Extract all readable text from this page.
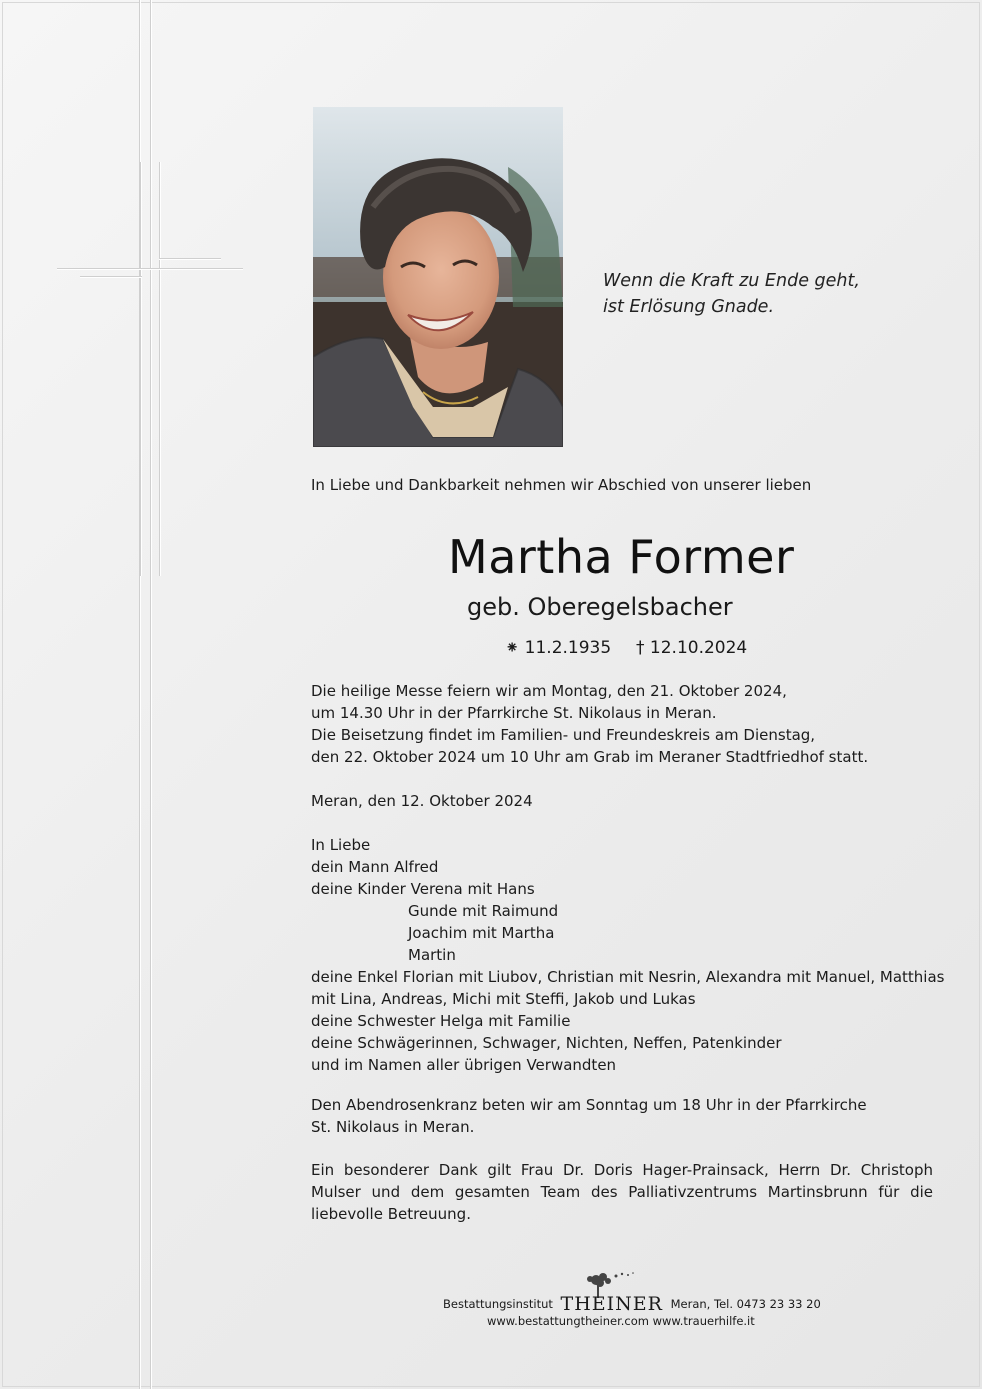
Wenn die Kraft zu Ende geht,
ist Erlösung Gnade.
In Liebe und Dankbarkeit nehmen wir Abschied von unserer lieben
Martha Former
geb. Oberegelsbacher
⁕ 11.2.1935 † 12.10.2024
Die heilige Messe feiern wir am Montag, den 21. Oktober 2024,
um 14.30 Uhr in der Pfarrkirche St. Nikolaus in Meran.
Die Beisetzung findet im Familien- und Freundeskreis am Dienstag,
den 22. Oktober 2024 um 10 Uhr am Grab im Meraner Stadtfriedhof statt.
Meran, den 12. Oktober 2024
In Liebe
dein Mann Alfred
deine Kinder Verena mit Hans
Gunde mit Raimund
Joachim mit Martha
Martin
deine Enkel Florian mit Liubov, Christian mit Nesrin, Alexandra mit Manuel, Matthias
mit Lina, Andreas, Michi mit Steffi, Jakob und Lukas
deine Schwester Helga mit Familie
deine Schwägerinnen, Schwager, Nichten, Neffen, Patenkinder
und im Namen aller übrigen Verwandten
Den Abendrosenkranz beten wir am Sonntag um 18 Uhr in der Pfarrkirche
St. Nikolaus in Meran.
Ein besonderer Dank gilt Frau Dr. Doris Hager-Prainsack, Herrn Dr. Christoph Mulser und dem gesamten Team des Palliativzentrums Martinsbrunn für die liebevolle Betreuung.
Bestattungsinstitut THEINER Meran, Tel. 0473 23 33 20
www.bestattungtheiner.com www.trauerhilfe.it
